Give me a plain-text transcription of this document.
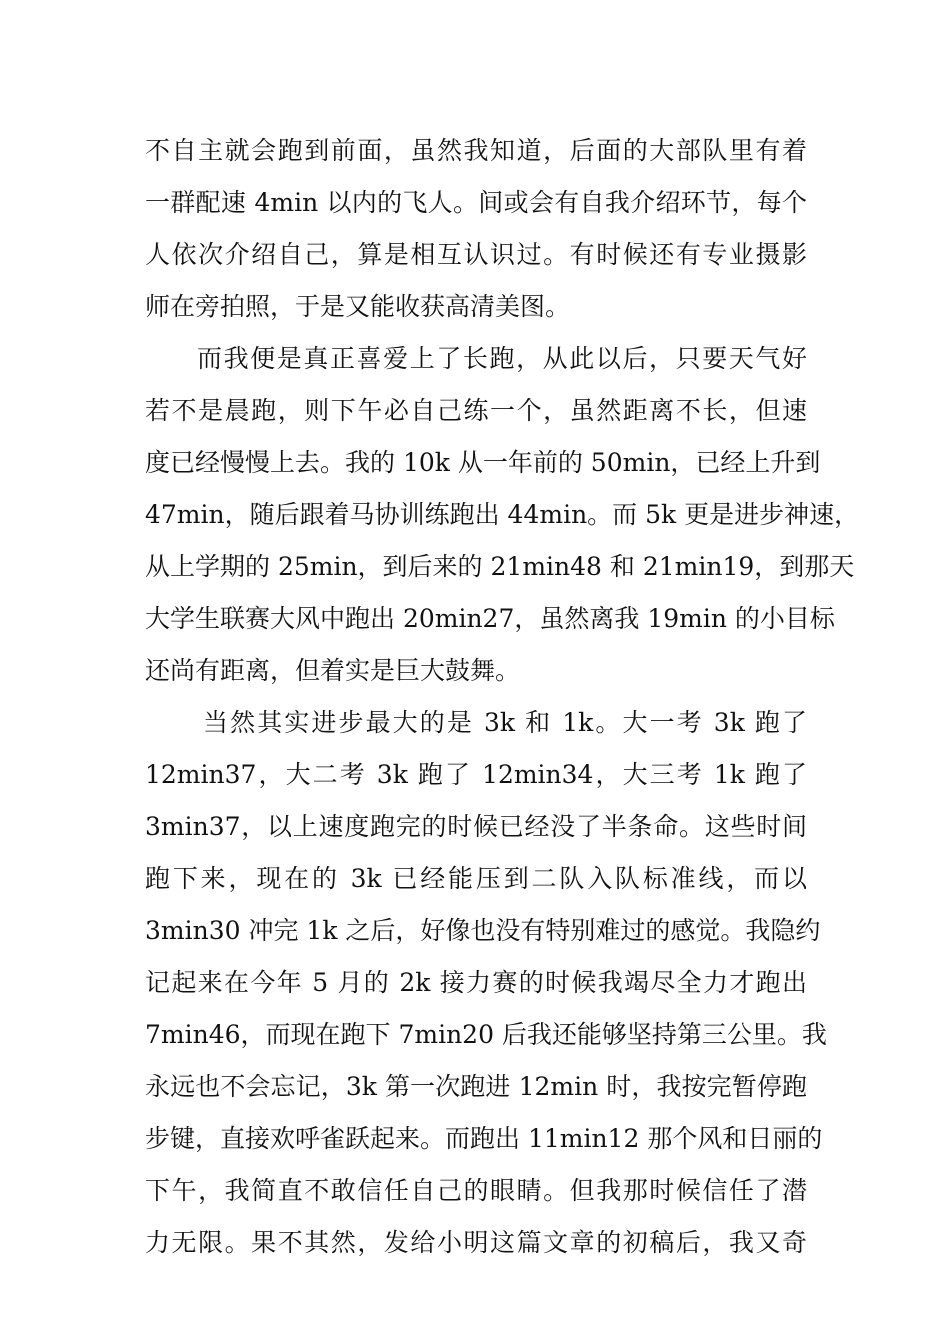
不自主就会跑到前面，虽然我知道，后面的大部队里有着
一群配速 4min 以内的飞人。间或会有自我介绍环节，每个
人依次介绍自己，算是相互认识过。有时候还有专业摄影
师在旁拍照，于是又能收获高清美图。
而我便是真正喜爱上了长跑，从此以后，只要天气好
若不是晨跑，则下午必自己练一个，虽然距离不长，但速
度已经慢慢上去。我的 10k 从一年前的 50min，已经上升到
47min，随后跟着马协训练跑出 44min。而 5k 更是进步神速，
从上学期的 25min，到后来的 21min48 和 21min19，到那天
大学生联赛大风中跑出 20min27，虽然离我 19min 的小目标
还尚有距离，但着实是巨大鼓舞。
当然其实进步最大的是 3k 和 1k。大一考 3k 跑了
12min37，大二考 3k 跑了 12min34，大三考 1k 跑了
3min37，以上速度跑完的时候已经没了半条命。这些时间
跑下来，现在的 3k 已经能压到二队入队标准线，而以
3min30 冲完 1k 之后，好像也没有特别难过的感觉。我隐约
记起来在今年 5 月的 2k 接力赛的时候我竭尽全力才跑出
7min46，而现在跑下 7min20 后我还能够坚持第三公里。我
永远也不会忘记，3k 第一次跑进 12min 时，我按完暂停跑
步键，直接欢呼雀跃起来。而跑出 11min12 那个风和日丽的
下午，我简直不敢信任自己的眼睛。但我那时候信任了潜
力无限。果不其然，发给小明这篇文章的初稿后，我又奇
